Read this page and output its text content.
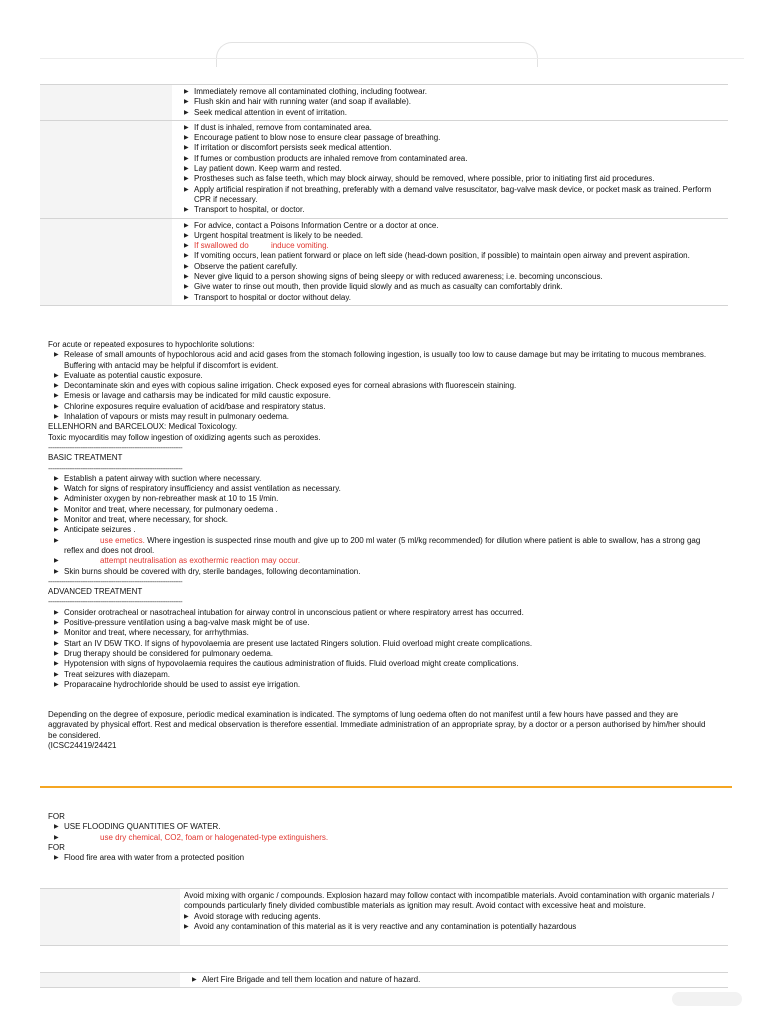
▶ Immediately remove all contaminated clothing, including footwear.
▶ Flush skin and hair with running water (and soap if available).
▶ Seek medical attention in event of irritation.
▶ If dust is inhaled, remove from contaminated area.
▶ Encourage patient to blow nose to ensure clear passage of breathing.
▶ If irritation or discomfort persists seek medical attention.
▶ If fumes or combustion products are inhaled remove from contaminated area.
▶ Lay patient down. Keep warm and rested.
▶ Prostheses such as false teeth, which may block airway, should be removed, where possible, prior to initiating first aid procedures.
▶ Apply artificial respiration if not breathing, preferably with a demand valve resuscitator, bag-valve mask device, or pocket mask as trained. Perform CPR if necessary.
▶ Transport to hospital, or doctor.
▶ For advice, contact a Poisons Information Centre or a doctor at once.
▶ Urgent hospital treatment is likely to be needed.
▶ If swallowed do	induce vomiting.
▶ If vomiting occurs, lean patient forward or place on left side (head-down position, if possible) to maintain open airway and prevent aspiration.
▶ Observe the patient carefully.
▶ Never give liquid to a person showing signs of being sleepy or with reduced awareness; i.e. becoming unconscious.
▶ Give water to rinse out mouth, then provide liquid slowly and as much as casualty can comfortably drink.
▶ Transport to hospital or doctor without delay.

For acute or repeated exposures to hypochlorite solutions:

▶ Release of small amounts of hypochlorous acid and acid gases from the stomach following ingestion, is usually too low to cause damage but may be irritating to mucous membranes. Buffering with antacid may be helpful if discomfort is evident.
▶ Evaluate as potential caustic exposure.
▶ Decontaminate skin and eyes with copious saline irrigation. Check exposed eyes for corneal abrasions with fluorescein staining.
▶ Emesis or lavage and catharsis may be indicated for mild caustic exposure.
▶ Chlorine exposures require evaluation of acid/base and respiratory status.
▶ Inhalation of vapours or mists may result in pulmonary oedema.

ELLENHORN and BARCELOUX: Medical Toxicology.

Toxic myocarditis may follow ingestion of oxidizing agents such as peroxides.

--------------------------------------------------------------

BASIC TREATMENT

--------------------------------------------------------------
▶ Establish a patent airway with suction where necessary.
▶ Watch for signs of respiratory insufficiency and assist ventilation as necessary.
▶ Administer oxygen by non-rebreather mask at 10 to 15 l/min.
▶ Monitor and treat, where necessary, for pulmonary oedema .
▶ Monitor and treat, where necessary, for shock.
▶ Anticipate seizures .
▶ use emetics. Where ingestion is suspected rinse mouth and give up to 200 ml water (5 ml/kg recommended) for dilution where patient is able to swallow, has a strong gag reflex and does not drool.
▶ attempt neutralisation as exothermic reaction may occur.
▶ Skin burns should be covered with dry, sterile bandages, following decontamination.
--------------------------------------------------------------

ADVANCED TREATMENT

--------------------------------------------------------------
▶ Consider orotracheal or nasotracheal intubation for airway control in unconscious patient or where respiratory arrest has occurred.
▶ Positive-pressure ventilation using a bag-valve mask might be of use.
▶ Monitor and treat, where necessary, for arrhythmias.
▶ Start an IV D5W TKO. If signs of hypovolaemia are present use lactated Ringers solution. Fluid overload might create complications.
▶ Drug therapy should be considered for pulmonary oedema.
▶ Hypotension with signs of hypovolaemia requires the cautious administration of fluids. Fluid overload might create complications.
▶ Treat seizures with diazepam.
▶ Proparacaine hydrochloride should be used to assist eye irrigation.

Depending on the degree of exposure, periodic medical examination is indicated. The symptoms of lung oedema often do not manifest until a few hours have passed and they are aggravated by physical effort. Rest and medical observation is therefore essential. Immediate administration of an appropriate spray, by a doctor or a person authorised by him/her should be considered.

(ICSC24419/24421

FOR

▶ USE FLOODING QUANTITIES OF WATER.
▶ use dry chemical, CO2, foam or halogenated-type extinguishers.

FOR

▶ Flood fire area with water from a protected position
Avoid mixing with organic / compounds. Explosion hazard may follow contact with incompatible materials. Avoid contamination with organic materials / compounds particularly finely divided combustible materials as ignition may result. Avoid contact with excessive heat and moisture.
▶ Avoid storage with reducing agents.
▶ Avoid any contamination of this material as it is very reactive and any contamination is potentially hazardous
▶ Alert Fire Brigade and tell them location and nature of hazard.
